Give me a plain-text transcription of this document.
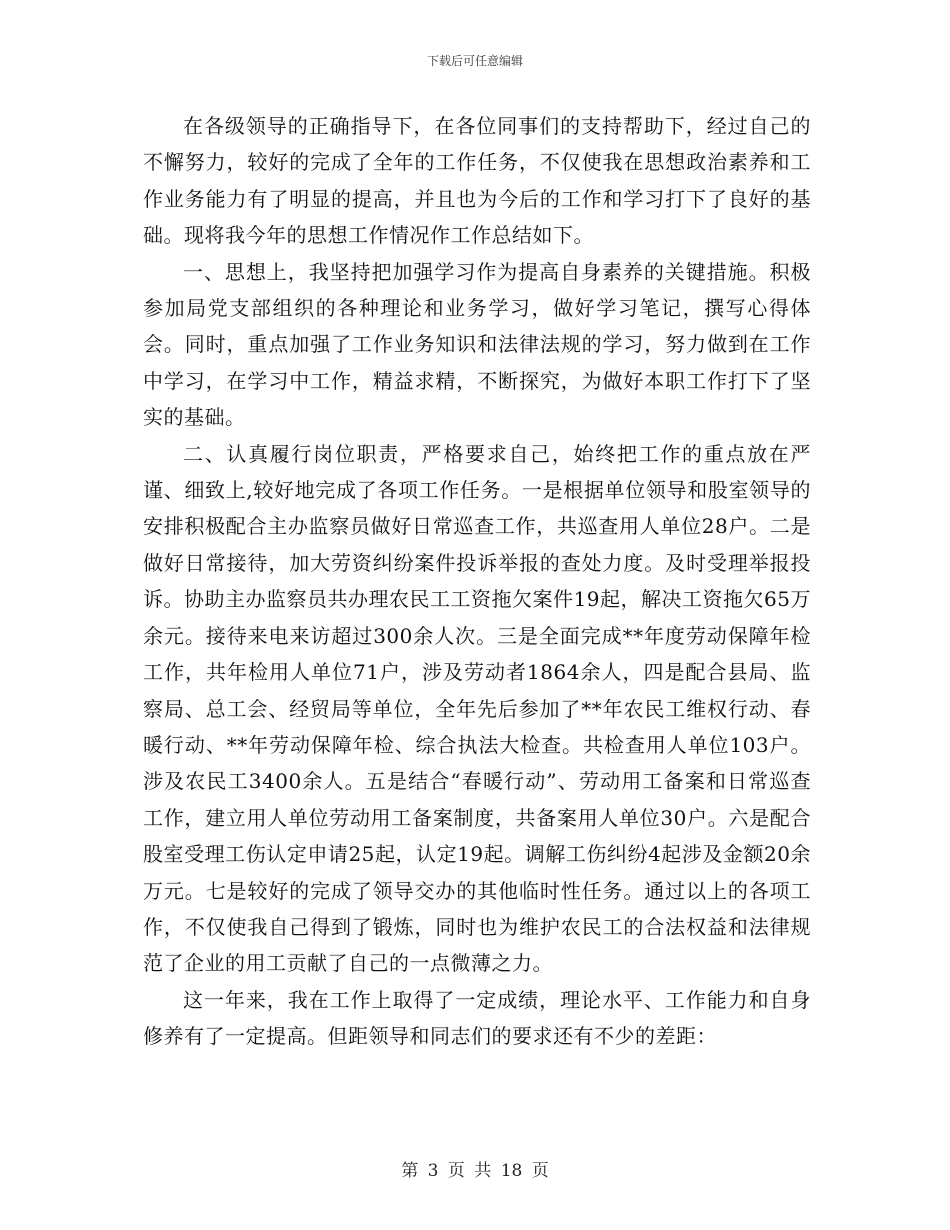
下载后可任意编辑

在各级领导的正确指导下，在各位同事们的支持帮助下，经过自己的不懈努力，较好的完成了全年的工作任务，不仅使我在思想政治素养和工作业务能力有了明显的提高，并且也为今后的工作和学习打下了良好的基础。现将我今年的思想工作情况作工作总结如下。

一、思想上，我坚持把加强学习作为提高自身素养的关键措施。积极参加局党支部组织的各种理论和业务学习，做好学习笔记，撰写心得体会。同时，重点加强了工作业务知识和法律法规的学习，努力做到在工作中学习，在学习中工作，精益求精，不断探究，为做好本职工作打下了坚实的基础。

二、认真履行岗位职责，严格要求自己，始终把工作的重点放在严谨、细致上,较好地完成了各项工作任务。一是根据单位领导和股室领导的安排积极配合主办监察员做好日常巡查工作，共巡查用人单位28户。二是做好日常接待，加大劳资纠纷案件投诉举报的查处力度。及时受理举报投诉。协助主办监察员共办理农民工工资拖欠案件19起，解决工资拖欠65万余元。接待来电来访超过300余人次。三是全面完成**年度劳动保障年检工作，共年检用人单位71户，涉及劳动者1864余人，四是配合县局、监察局、总工会、经贸局等单位，全年先后参加了**年农民工维权行动、春暖行动、**年劳动保障年检、综合执法大检查。共检查用人单位103户。涉及农民工3400余人。五是结合“春暖行动”、劳动用工备案和日常巡查工作，建立用人单位劳动用工备案制度，共备案用人单位30户。六是配合股室受理工伤认定申请25起，认定19起。调解工伤纠纷4起涉及金额20余万元。七是较好的完成了领导交办的其他临时性任务。通过以上的各项工作，不仅使我自己得到了锻炼，同时也为维护农民工的合法权益和法律规范了企业的用工贡献了自己的一点微薄之力。

这一年来，我在工作上取得了一定成绩，理论水平、工作能力和自身修养有了一定提高。但距领导和同志们的要求还有不少的差距：

第 3 页 共 18 页
